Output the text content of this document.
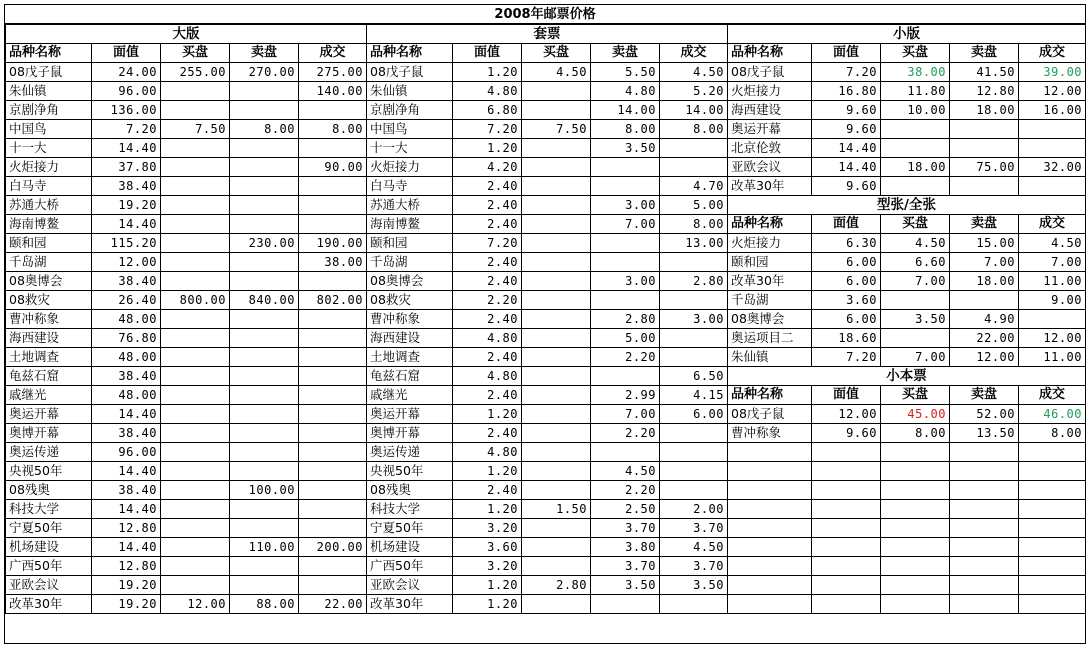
2008年邮票价格
大版				
品种名称	面值	买盘	卖盘	成交
08戊子鼠	24.00	255.00	270.00	275.00
朱仙镇	96.00			140.00
京剧净角	136.00			
中国鸟	7.20	7.50	8.00	8.00
十一大	14.40			
火炬接力	37.80			90.00
白马寺	38.40			
苏通大桥	19.20			
海南博鳌	14.40			
颐和园	115.20		230.00	190.00
千岛湖	12.00			38.00
08奥博会	38.40			
08救灾	26.40	800.00	840.00	802.00
曹冲称象	48.00			
海西建设	76.80			
土地调查	48.00			
龟兹石窟	38.40			
戚继光	48.00			
奥运开幕	14.40			
奥博开幕	38.40			
奥运传递	96.00			
央视50年	14.40			
08残奥	38.40		100.00	
科技大学	14.40			
宁夏50年	12.80			
机场建设	14.40		110.00	200.00
广西50年	12.80			
亚欧会议	19.20			
改革30年	19.20	12.00	88.00	22.00
套票				
品种名称	面值	买盘	卖盘	成交
08戊子鼠	1.20	4.50	5.50	4.50
朱仙镇	4.80		4.80	5.20
京剧净角	6.80		14.00	14.00
中国鸟	7.20	7.50	8.00	8.00
十一大	1.20		3.50	
火炬接力	4.20			
白马寺	2.40			4.70
苏通大桥	2.40		3.00	5.00
海南博鳌	2.40		7.00	8.00
颐和园	7.20			13.00
千岛湖	2.40			
08奥博会	2.40		3.00	2.80
08救灾	2.20			
曹冲称象	2.40		2.80	3.00
海西建设	4.80		5.00	
土地调查	2.40		2.20	
龟兹石窟	4.80			6.50
戚继光	2.40		2.99	4.15
奥运开幕	1.20		7.00	6.00
奥博开幕	2.40		2.20	
奥运传递	4.80			
央视50年	1.20		4.50	
08残奥	2.40		2.20	
科技大学	1.20	1.50	2.50	2.00
宁夏50年	3.20		3.70	3.70
机场建设	3.60		3.80	4.50
广西50年	3.20		3.70	3.70
亚欧会议	1.20	2.80	3.50	3.50
改革30年	1.20			
小版				
品种名称	面值	买盘	卖盘	成交
08戊子鼠	7.20	38.00	41.50	39.00
火炬接力	16.80	11.80	12.80	12.00
海西建设	9.60	10.00	18.00	16.00
奥运开幕	9.60			
北京伦敦	14.40			
亚欧会议	14.40	18.00	75.00	32.00
改革30年	9.60			
型张/全张				
品种名称	面值	买盘	卖盘	成交
火炬接力	6.30	4.50	15.00	4.50
颐和园	6.00	6.60	7.00	7.00
改革30年	6.00	7.00	18.00	11.00
千岛湖	3.60			9.00
08奥博会	6.00	3.50	4.90	
奥运项目二	18.60		22.00	12.00
朱仙镇	7.20	7.00	12.00	11.00
小本票				
品种名称	面值	买盘	卖盘	成交
08戊子鼠	12.00	45.00	52.00	46.00
曹冲称象	9.60	8.00	13.50	8.00
